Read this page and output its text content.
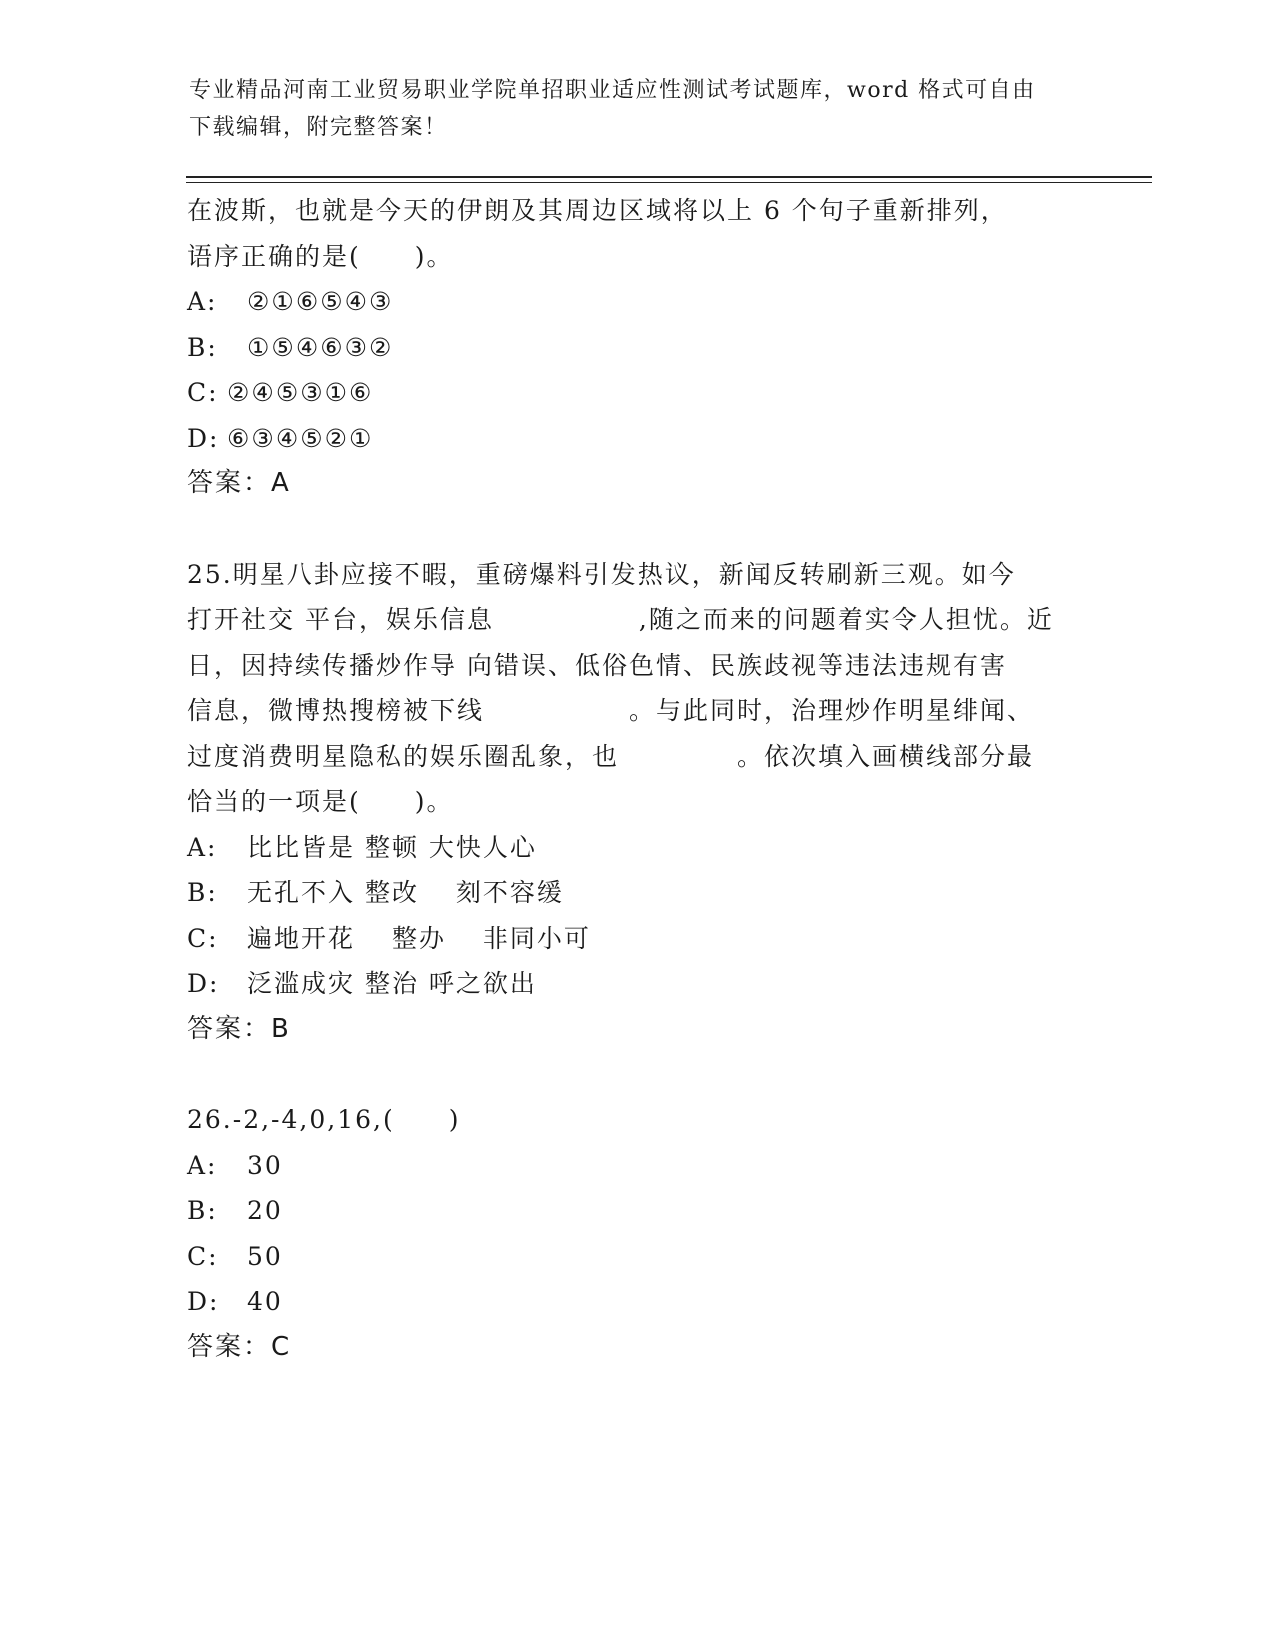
专业精品河南工业贸易职业学院单招职业适应性测试考试题库，word 格式可自由
下载编辑，附完整答案！
在波斯，也就是今天的伊朗及其周边区域将以上 6 个句子重新排列，
语序正确的是(　　)。
A: ②①⑥⑤④③
B: ①⑤④⑥③②
C: ②④⑤③①⑥
D: ⑥③④⑤②①
答案：A
25.明星八卦应接不暇，重磅爆料引发热议，新闻反转刷新三观。如今
打开社交 平台，娱乐信息 　　　　　,随之而来的问题着实令人担忧。近
日，因持续传播炒作导 向错误、低俗色情、民族歧视等违法违规有害
信息，微博热搜榜被下线 　　　　　。与此同时，治理炒作明星绯闻、
过度消费明星隐私的娱乐圈乱象，也 　　　　。依次填入画横线部分最
恰当的一项是(　　)。
A: 比比皆是 整顿 大快人心
B: 无孔不入 整改　 刻不容缓
C: 遍地开花　 整办　 非同小可
D: 泛滥成灾 整治 呼之欲出
答案：B
26.-2,-4,0,16,(　　)
A: 30
B: 20
C: 50
D: 40
答案：C
